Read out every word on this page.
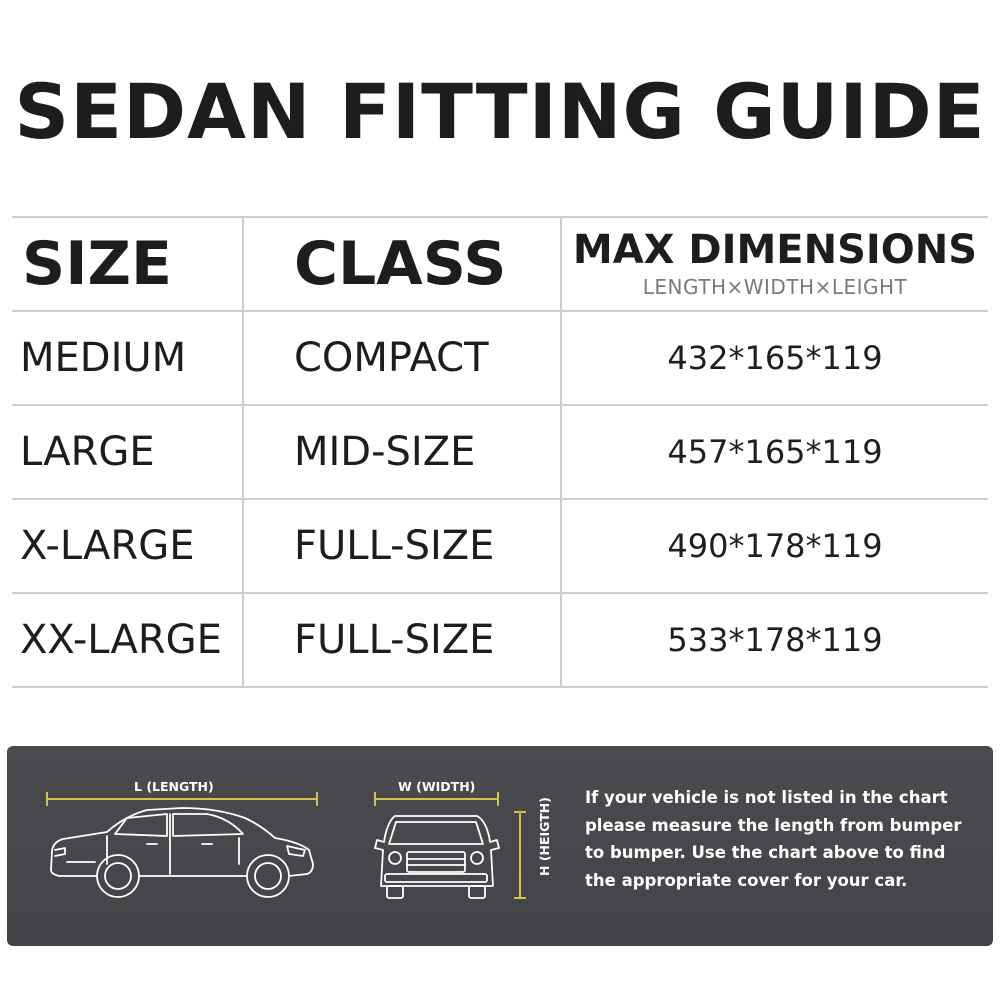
SEDAN FITTING GUIDE
SIZE	CLASS	MAX DIMENSIONS
LENGTH×WIDTH×LEIGHT
MEDIUM	COMPACT	432*165*119
LARGE	MID-SIZE	457*165*119
X-LARGE	FULL-SIZE	490*178*119
XX-LARGE	FULL-SIZE	533*178*119
L (LENGTH)	W (WIDTH)
H (HEIGTH) If your vehicle is not listed in the chart please measure the length from bumper to bumper. Use the chart above to find the appropriate cover for your car.
